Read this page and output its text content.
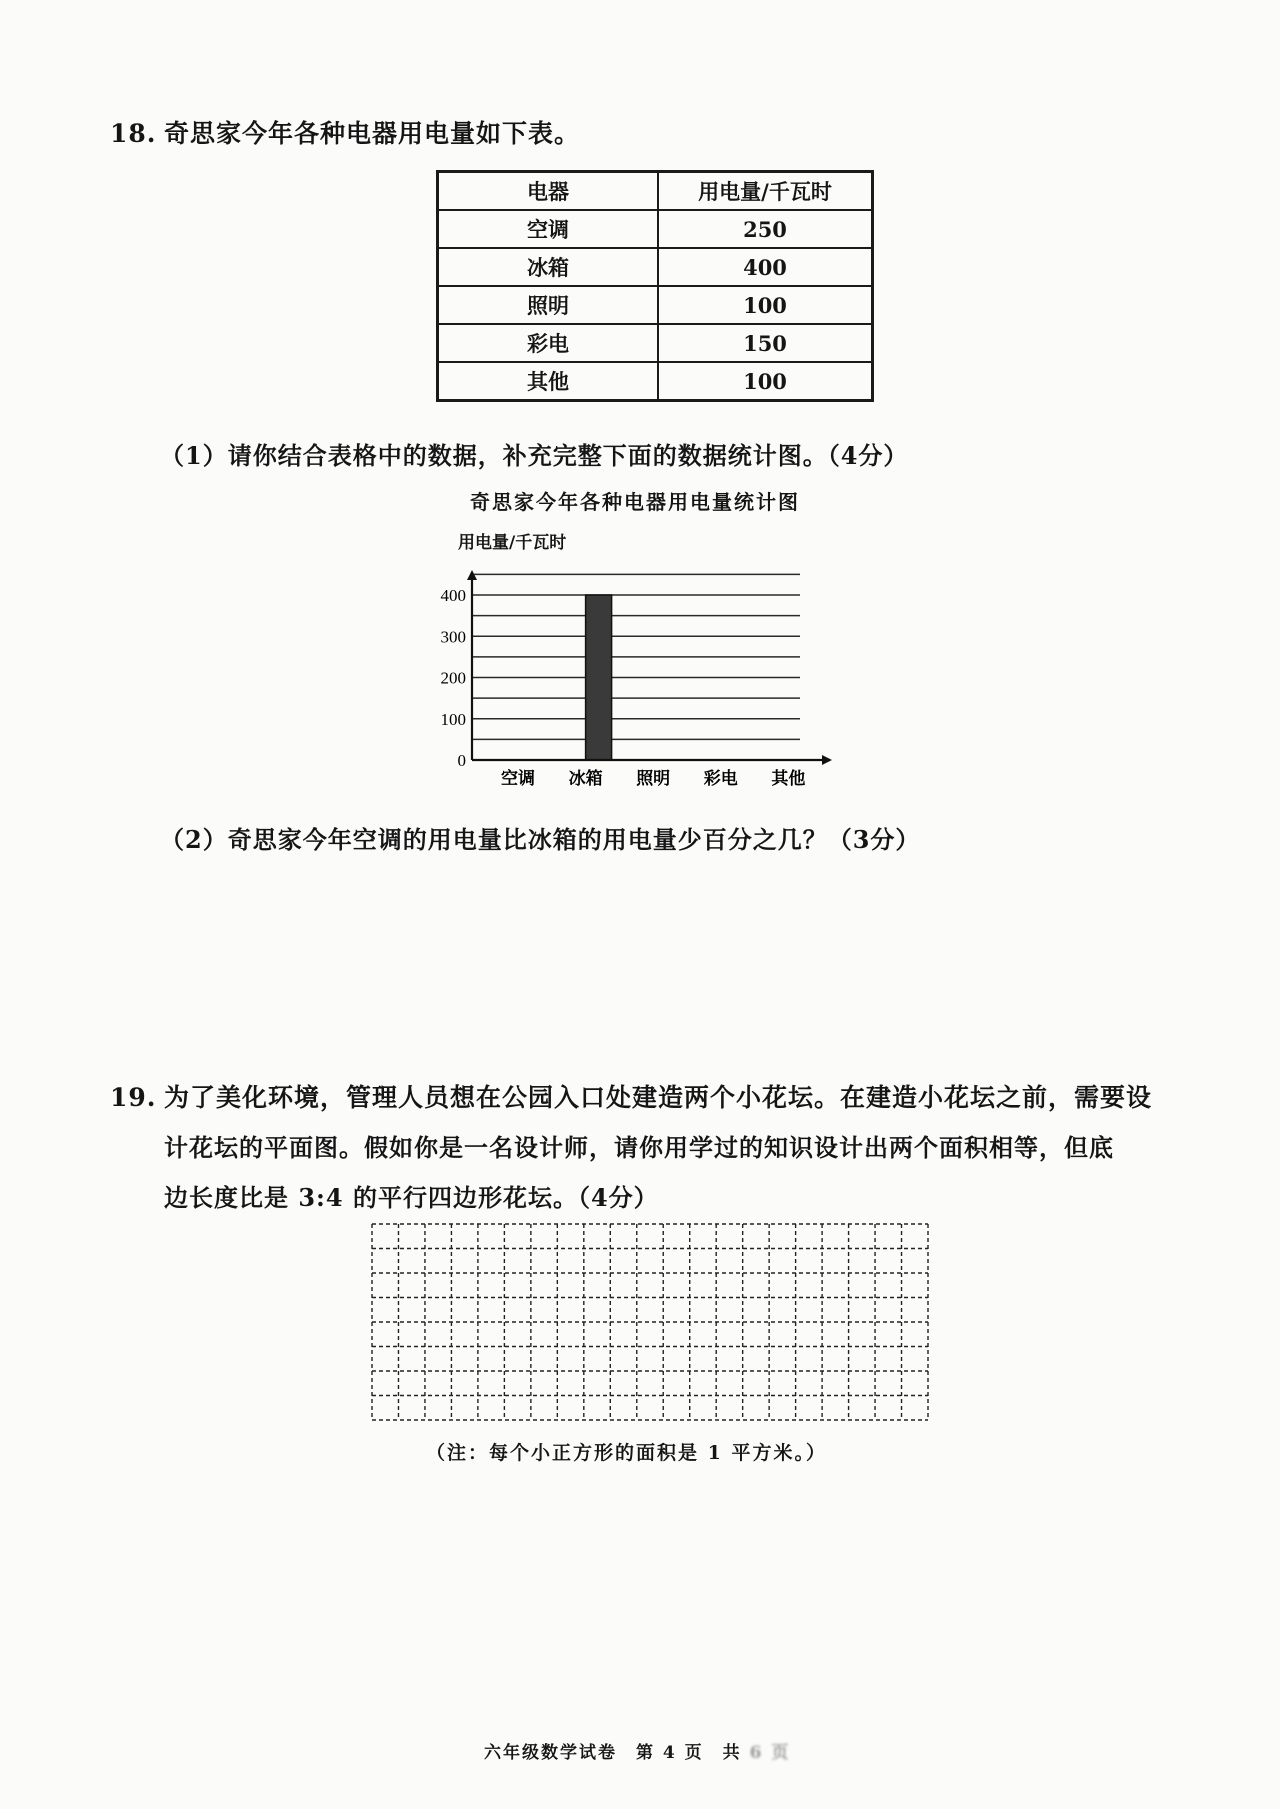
18. 奇思家今年各种电器用电量如下表。
电器	用电量/千瓦时
空调	250
冰箱	400
照明	100
彩电	150
其他	100
（1）请你结合表格中的数据，补充完整下面的数据统计图。（4分）
奇思家今年各种电器用电量统计图
用电量/千瓦时
0
100
200
300
400
空调 冰箱 照明 彩电 其他
（2）奇思家今年空调的用电量比冰箱的用电量少百分之几？（3分）
19. 为了美化环境，管理人员想在公园入口处建造两个小花坛。在建造小花坛之前，需要设
计花坛的平面图。假如你是一名设计师，请你用学过的知识设计出两个面积相等，但底
边长度比是 3:4 的平行四边形花坛。（4分）
（注：每个小正方形的面积是 1 平方米。）
六年级数学试卷　第 4 页　共 6 页
